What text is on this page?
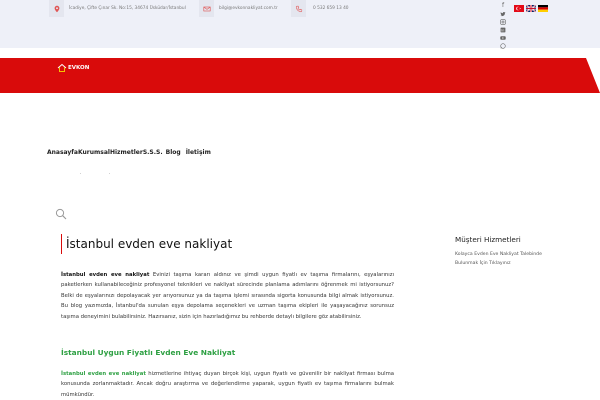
İcadiye, Çifte Çınar Sk. No:15, 34674 Üsküdar/İstanbul	bilgi@evkonnakliyat.com.tr	0 532 659 13 40	f
in
EVKON
Anasayfa Kurumsal Hizmetler S.S.S. Blog İletişim
·	·
İstanbul evden eve nakliyat
İstanbul evden eve nakliyat Evinizi taşıma kararı aldınız ve şimdi uygun fiyatlı ev taşıma firmalarını, eşyalarınızı paketlerken kullanabileceğiniz profesyonel teknikleri ve nakliyat sürecinde planlama adımlarını öğrenmek mi istiyorsunuz? Belki de eşyalarınızı depolayacak yer arıyorsunuz ya da taşıma işlemi sırasında sigorta konusunda bilgi almak istiyorsunuz. Bu blog yazımızda, İstanbul'da sunulan eşya depolama seçenekleri ve uzman taşıma ekipleri ile yaşayacağınız sorunsuz taşıma deneyimini bulabilirsiniz. Hazırsanız, sizin için hazırladığımız bu rehberde detaylı bilgilere göz atabilirsiniz.
İstanbul Uygun Fiyatlı Evden Eve Nakliyat
İstanbul evden eve nakliyat hizmetlerine ihtiyaç duyan birçok kişi, uygun fiyatlı ve güvenilir bir nakliyat firması bulma konusunda zorlanmaktadır. Ancak doğru araştırma ve değerlendirme yaparak, uygun fiyatlı ev taşıma firmalarını bulmak mümkündür.
Müşteri Hizmetleri
Kolayca Evden Eve Nakliyat Talebinde Bulunmak İçin Tıklayınız
